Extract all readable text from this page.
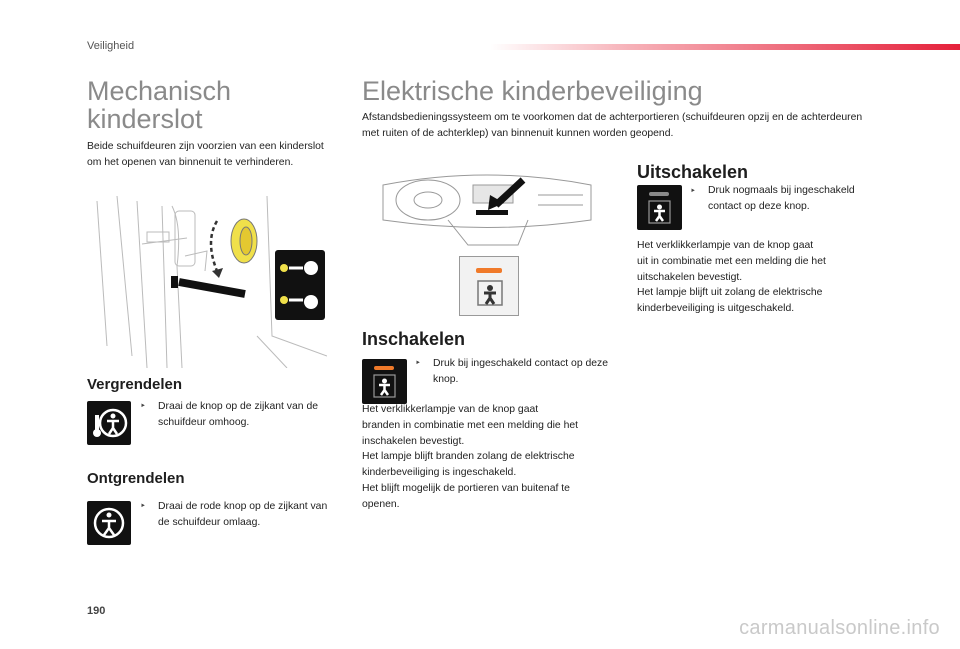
Veiligheid
Mechanisch
kinderslot
Beide schuifdeuren zijn voorzien van een kinderslot om het openen van binnenuit te verhinderen.
Vergrendelen
‣ Draai de knop op de zijkant van de schuifdeur omhoog.
Ontgrendelen
‣ Draai de rode knop op de zijkant van de schuifdeur omlaag.
Elektrische kinderbeveiliging
Afstandsbedieningssysteem om te voorkomen dat de achterportieren (schuifdeuren opzij en de achterdeuren met ruiten of de achterklep) van binnenuit kunnen worden geopend.
Inschakelen
‣ Druk bij ingeschakeld contact op deze knop.
Het verklikkerlampje van de knop gaat
branden in combinatie met een melding die het
inschakelen bevestigt.
Het lampje blijft branden zolang de elektrische
kinderbeveiliging is ingeschakeld.
Het blijft mogelijk de portieren van buitenaf te
openen.
Uitschakelen
‣ Druk nogmaals bij ingeschakeld contact op deze knop.
Het verklikkerlampje van de knop gaat
uit in combinatie met een melding die het
uitschakelen bevestigt.
Het lampje blijft uit zolang de elektrische
kinderbeveiliging is uitgeschakeld.
190
carmanualsonline.info
